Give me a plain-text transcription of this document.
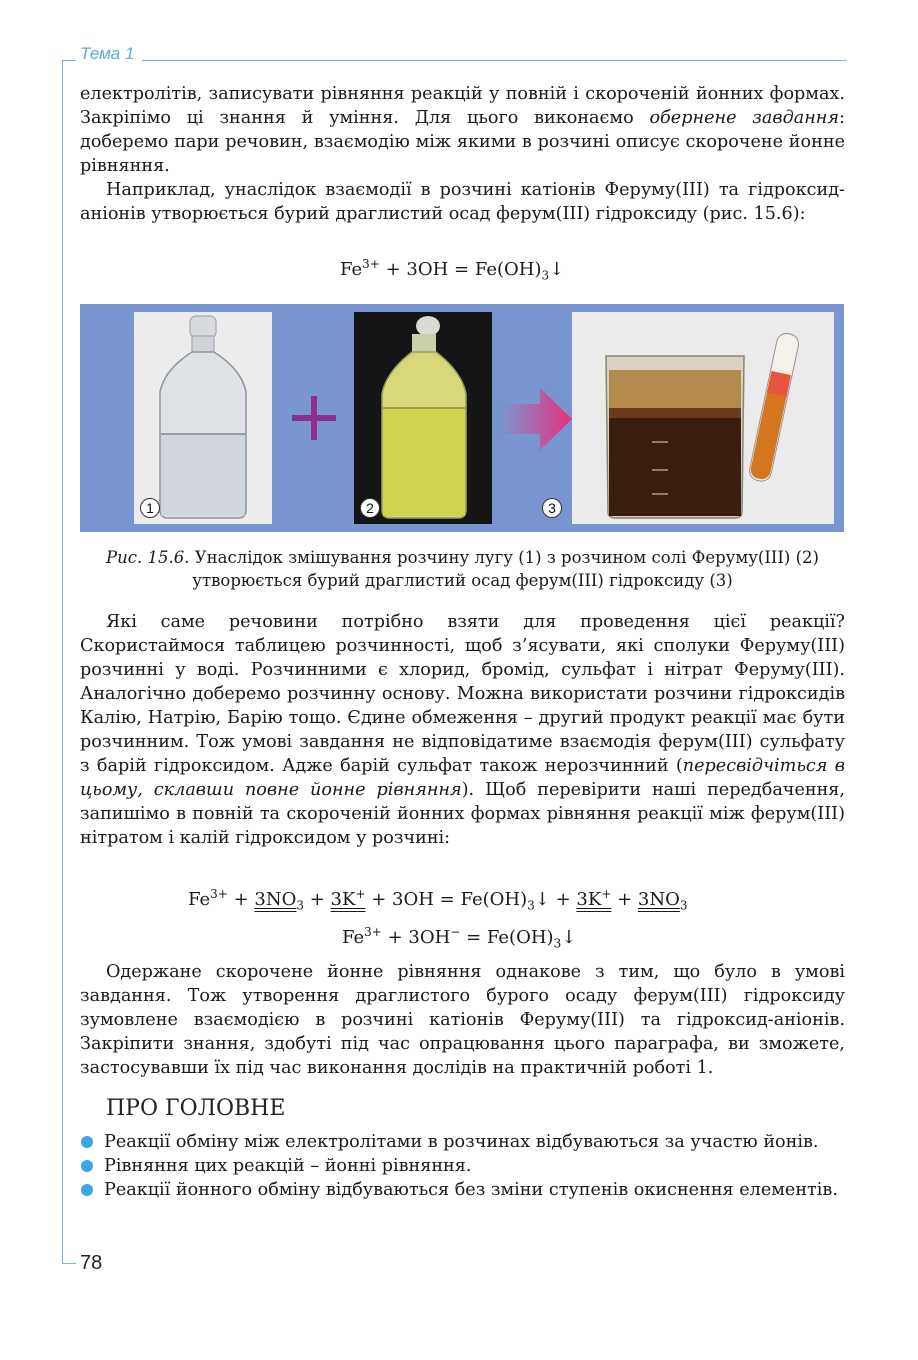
Тема 1

електролітів, записувати рівняння реакцій у повній і скороченій йонних формах. Закріпімо ці знання й уміння. Для цього виконаємо обернене завдання: доберемо пари речовин, взаємодію між якими в розчині описує скорочене йонне рівняння.

Наприклад, унаслідок взаємодії в розчині катіонів Феруму(III) та гідроксид-аніонів утворюється бурий драглистий осад ферум(III) гідроксиду (рис. 15.6):

$Fe^{3+} + 3OH$ = $Fe(OH)_3↓$
1	2	3
Рис. 15.6. Унаслідок змішування розчину лугу (1) з розчином солі Феруму(III) (2) утворюється бурий драглистий осад ферум(III) гідроксиду (3)

Які саме речовини потрібно взяти для проведення цієї реакції? Скористаймося таблицею розчинності, щоб з’ясувати, які сполуки Феруму(III) розчинні у воді. Розчинними є хлорид, бромід, сульфат і нітрат Феруму(III). Аналогічно доберемо розчинну основу. Можна використати розчини гідроксидів Калію, Натрію, Барію тощо. Єдине обмеження – другий продукт реакції має бути розчинним. Тож умові завдання не відповідатиме взаємодія ферум(III) сульфату з барій гідроксидом. Адже барій сульфат також нерозчинний (пересвідчіться в цьому, склавши повне йонне рівняння). Щоб перевірити наші передбачення, запишімо в повній та скороченій йонних формах рівняння реакції між ферум(III) нітратом і калій гідроксидом у розчині:

$Fe^{3+} + 3NO_3 + 3K^+ + 3OH$ = $Fe(OH)_3↓ + 3K^+ + 3NO_3$
$Fe^{3+} + 3OH^-$ = $Fe(OH)_3↓$

Одержане скорочене йонне рівняння однакове з тим, що було в умові завдання. Тож утворення драглистого бурого осаду ферум(III) гідроксиду зумовлене взаємодією в розчині катіонів Феруму(III) та гідроксид-аніонів. Закріпити знання, здобуті під час опрацювання цього параграфа, ви зможете, застосувавши їх під час виконання дослідів на практичній роботі 1.

ПРО ГОЛОВНЕ
Реакції обміну між електролітами в розчинах відбуваються за участю йонів.
Рівняння цих реакцій – йонні рівняння.
Реакції йонного обміну відбуваються без зміни ступенів окиснення елементів.
78
